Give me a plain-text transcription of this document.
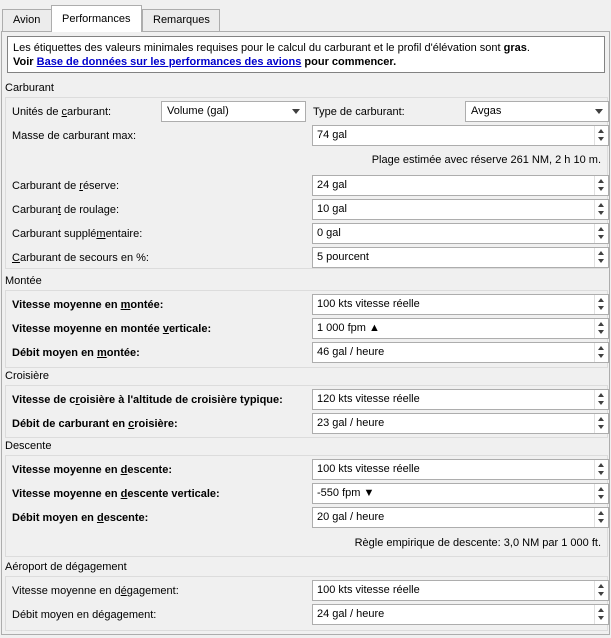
Avion	Performances	Remarques
Les étiquettes des valeurs minimales requises pour le calcul du carburant et le profil d'élévation sont gras.
Voir Base de données sur les performances des avions pour commencer.
Carburant
Unités de carburant:	Volume (gal)	Type de carburant:	Avgas
Masse de carburant max:	74 gal
Plage estimée avec réserve 261 NM, 2 h 10 m.
Carburant de réserve:	24 gal
Carburant de roulage:	10 gal
Carburant supplémentaire:	0 gal
Carburant de secours en %:	5 pourcent
Montée
Vitesse moyenne en montée:	100 kts vitesse réelle
Vitesse moyenne en montée verticale:	1 000 fpm ▲
Débit moyen en montée:	46 gal / heure
Croisière
Vitesse de croisière à l'altitude de croisière typique:	120 kts vitesse réelle
Débit de carburant en croisière:	23 gal / heure
Descente
Vitesse moyenne en descente:	100 kts vitesse réelle
Vitesse moyenne en descente verticale:	-550 fpm ▼
Débit moyen en descente:	20 gal / heure
Règle empirique de descente: 3,0 NM par 1 000 ft.
Aéroport de dégagement
Vitesse moyenne en dégagement:	100 kts vitesse réelle
Débit moyen en dégagement:	24 gal / heure
